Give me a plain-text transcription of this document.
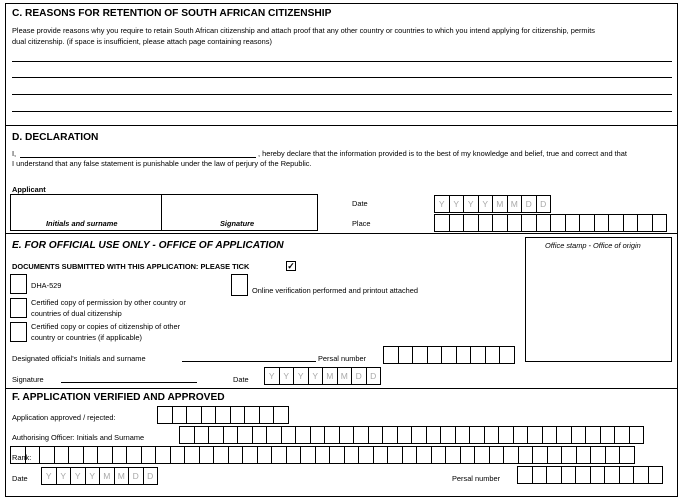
C. REASONS FOR RETENTION OF SOUTH AFRICAN CITIZENSHIP
Please provide reasons why you require to retain South African citizenship and attach proof that any other country or countries to which you intend applying for citizenship, permits
dual citizenship. (if space is insufficient, please attach page containing reasons)
D. DECLARATION
I,	, hereby declare that the information provided is to the best of my knowledge and belief, true and correct and that
I understand that any false statement is punishable under the law of perjury of the Republic.
Applicant
Initials and surname	Signature
Date	Y	Y	Y	Y M M D D
Place
E. FOR OFFICIAL USE ONLY - OFFICE OF APPLICATION	Office stamp - Office of origin
DOCUMENTS SUBMITTED WITH THIS APPLICATION: PLEASE TICK	✓
DHA-529
Online verification performed and printout attached
Certified copy of permission by other country or
countries of dual citizenship
Certified copy or copies of citizenship of other
country or countries (if applicable)
Designated official's Initials and surname	Persal number
Signature	Date	Y	Y	Y	Y M M D D
F. APPLICATION VERIFIED AND APPROVED
Application approved / rejected:
Authorising Officer: Initials and Surname
Rank:
Date	Y	Y	Y	Y M M D D	Persal number
